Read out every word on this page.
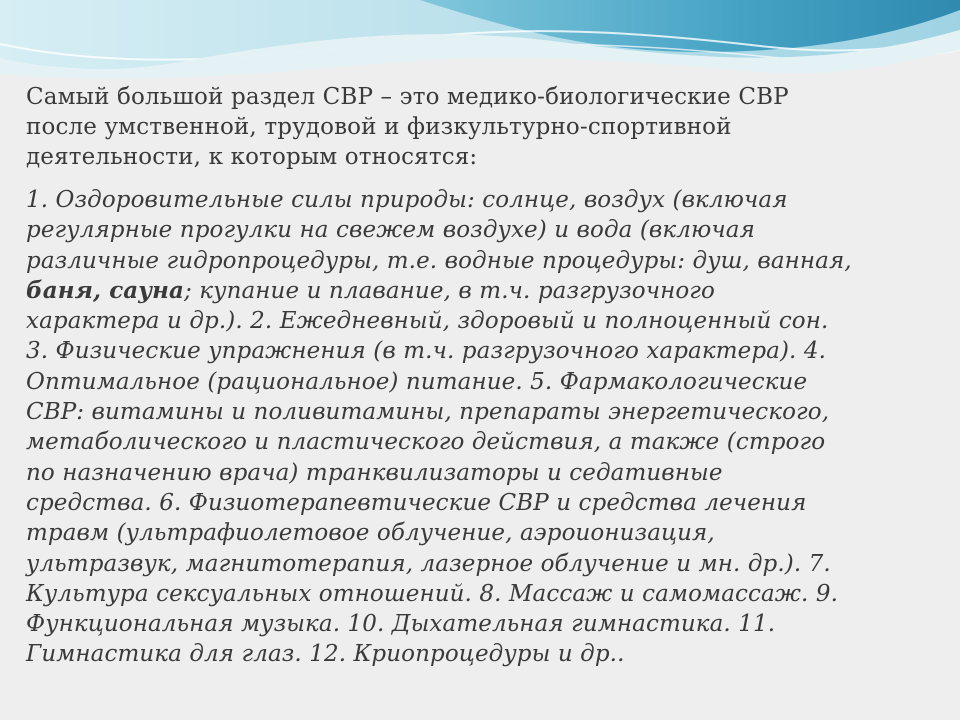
Самый большой раздел СВР – это медико-биологические СВР
после умственной, трудовой и физкультурно-спортивной
деятельности, к которым относятся:

1. Оздоровительные силы природы: солнце, воздух (включая
регулярные прогулки на свежем воздухе) и вода (включая
различные гидропроцедуры, т.е. водные процедуры: душ, ванная,
баня, сауна; купание и плавание, в т.ч. разгрузочного
характера и др.). 2. Ежедневный, здоровый и полноценный сон.
3. Физические упражнения (в т.ч. разгрузочного характера). 4.
Оптимальное (рациональное) питание. 5. Фармакологические
СВР: витамины и поливитамины, препараты энергетического,
метаболического и пластического действия, а также (строго
по назначению врача) транквилизаторы и седативные
средства. 6. Физиотерапевтические СВР и средства лечения
травм (ультрафиолетовое облучение, аэроионизация,
ультразвук, магнитотерапия, лазерное облучение и мн. др.). 7.
Культура сексуальных отношений. 8. Массаж и самомассаж. 9.
Функциональная музыка. 10. Дыхательная гимнастика. 11.
Гимнастика для глаз. 12. Криопроцедуры и др..
